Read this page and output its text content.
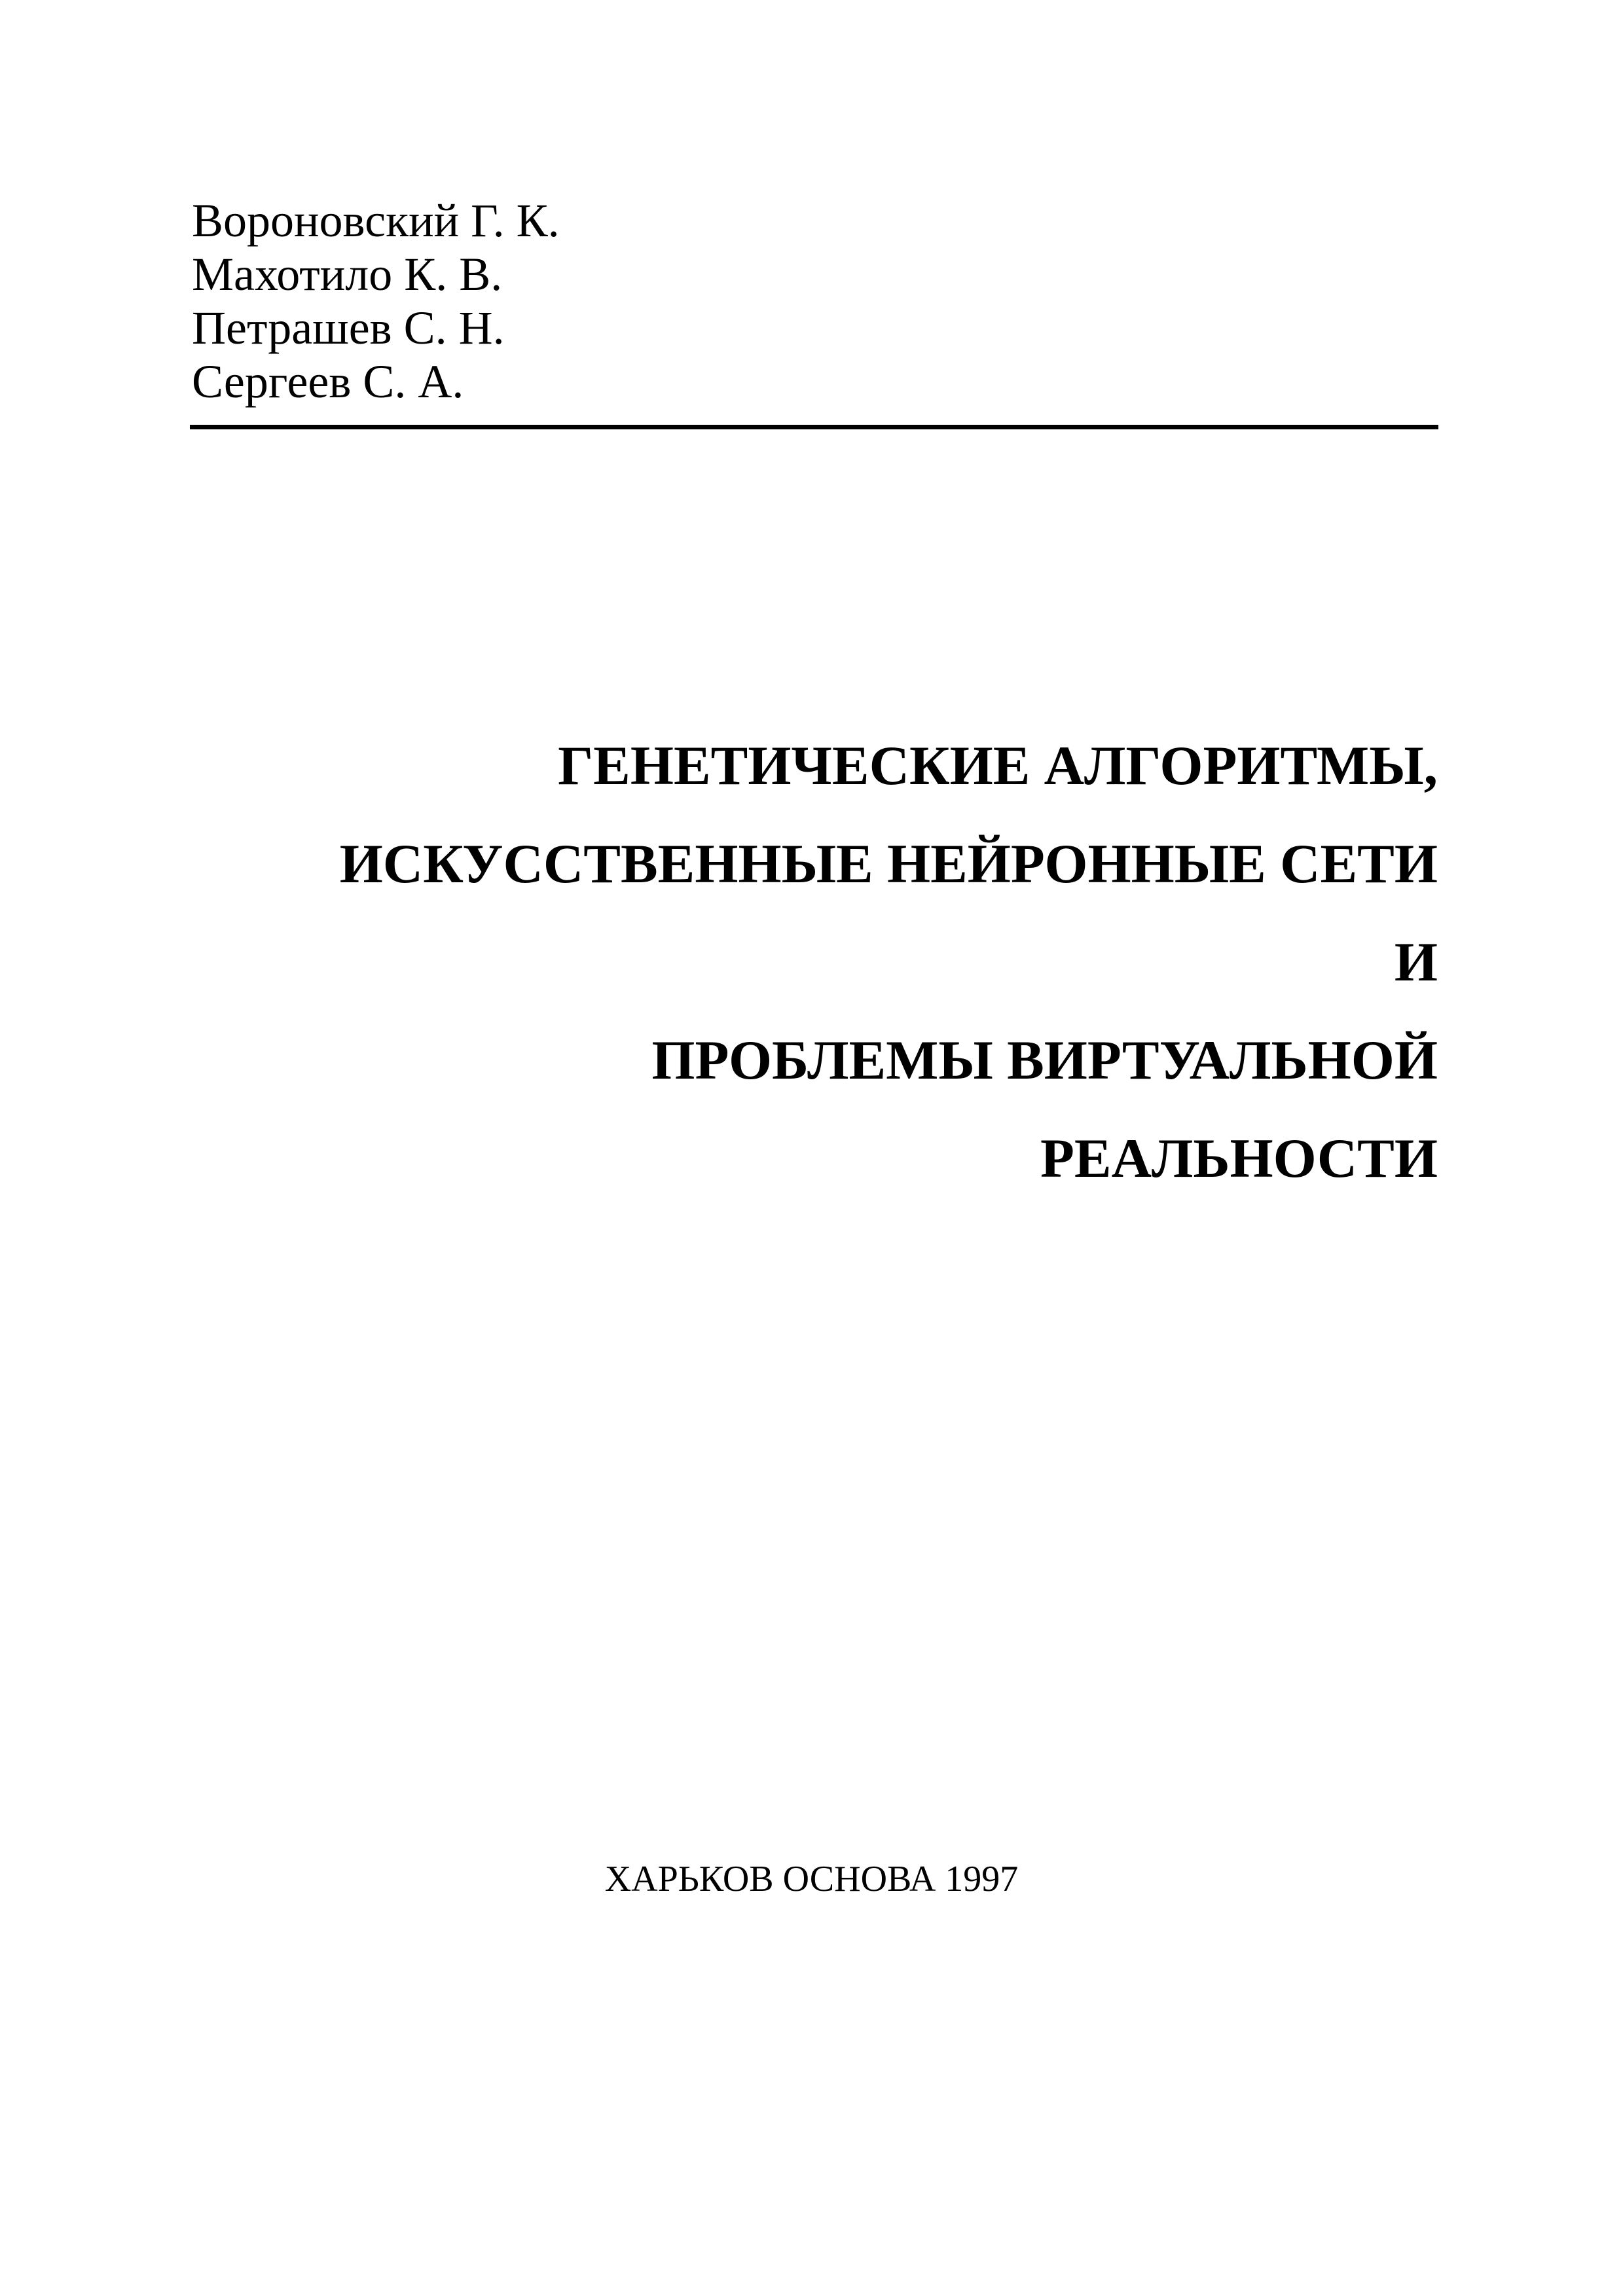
Вороновский Г. К.
Махотило К. В.
Петрашев С. Н.
Сергеев С. А.
ГЕНЕТИЧЕСКИЕ АЛГОРИТМЫ,
ИСКУССТВЕННЫЕ НЕЙРОННЫЕ СЕТИ
И
ПРОБЛЕМЫ ВИРТУАЛЬНОЙ
РЕАЛЬНОСТИ
ХАРЬКОВ ОСНОВА 1997
